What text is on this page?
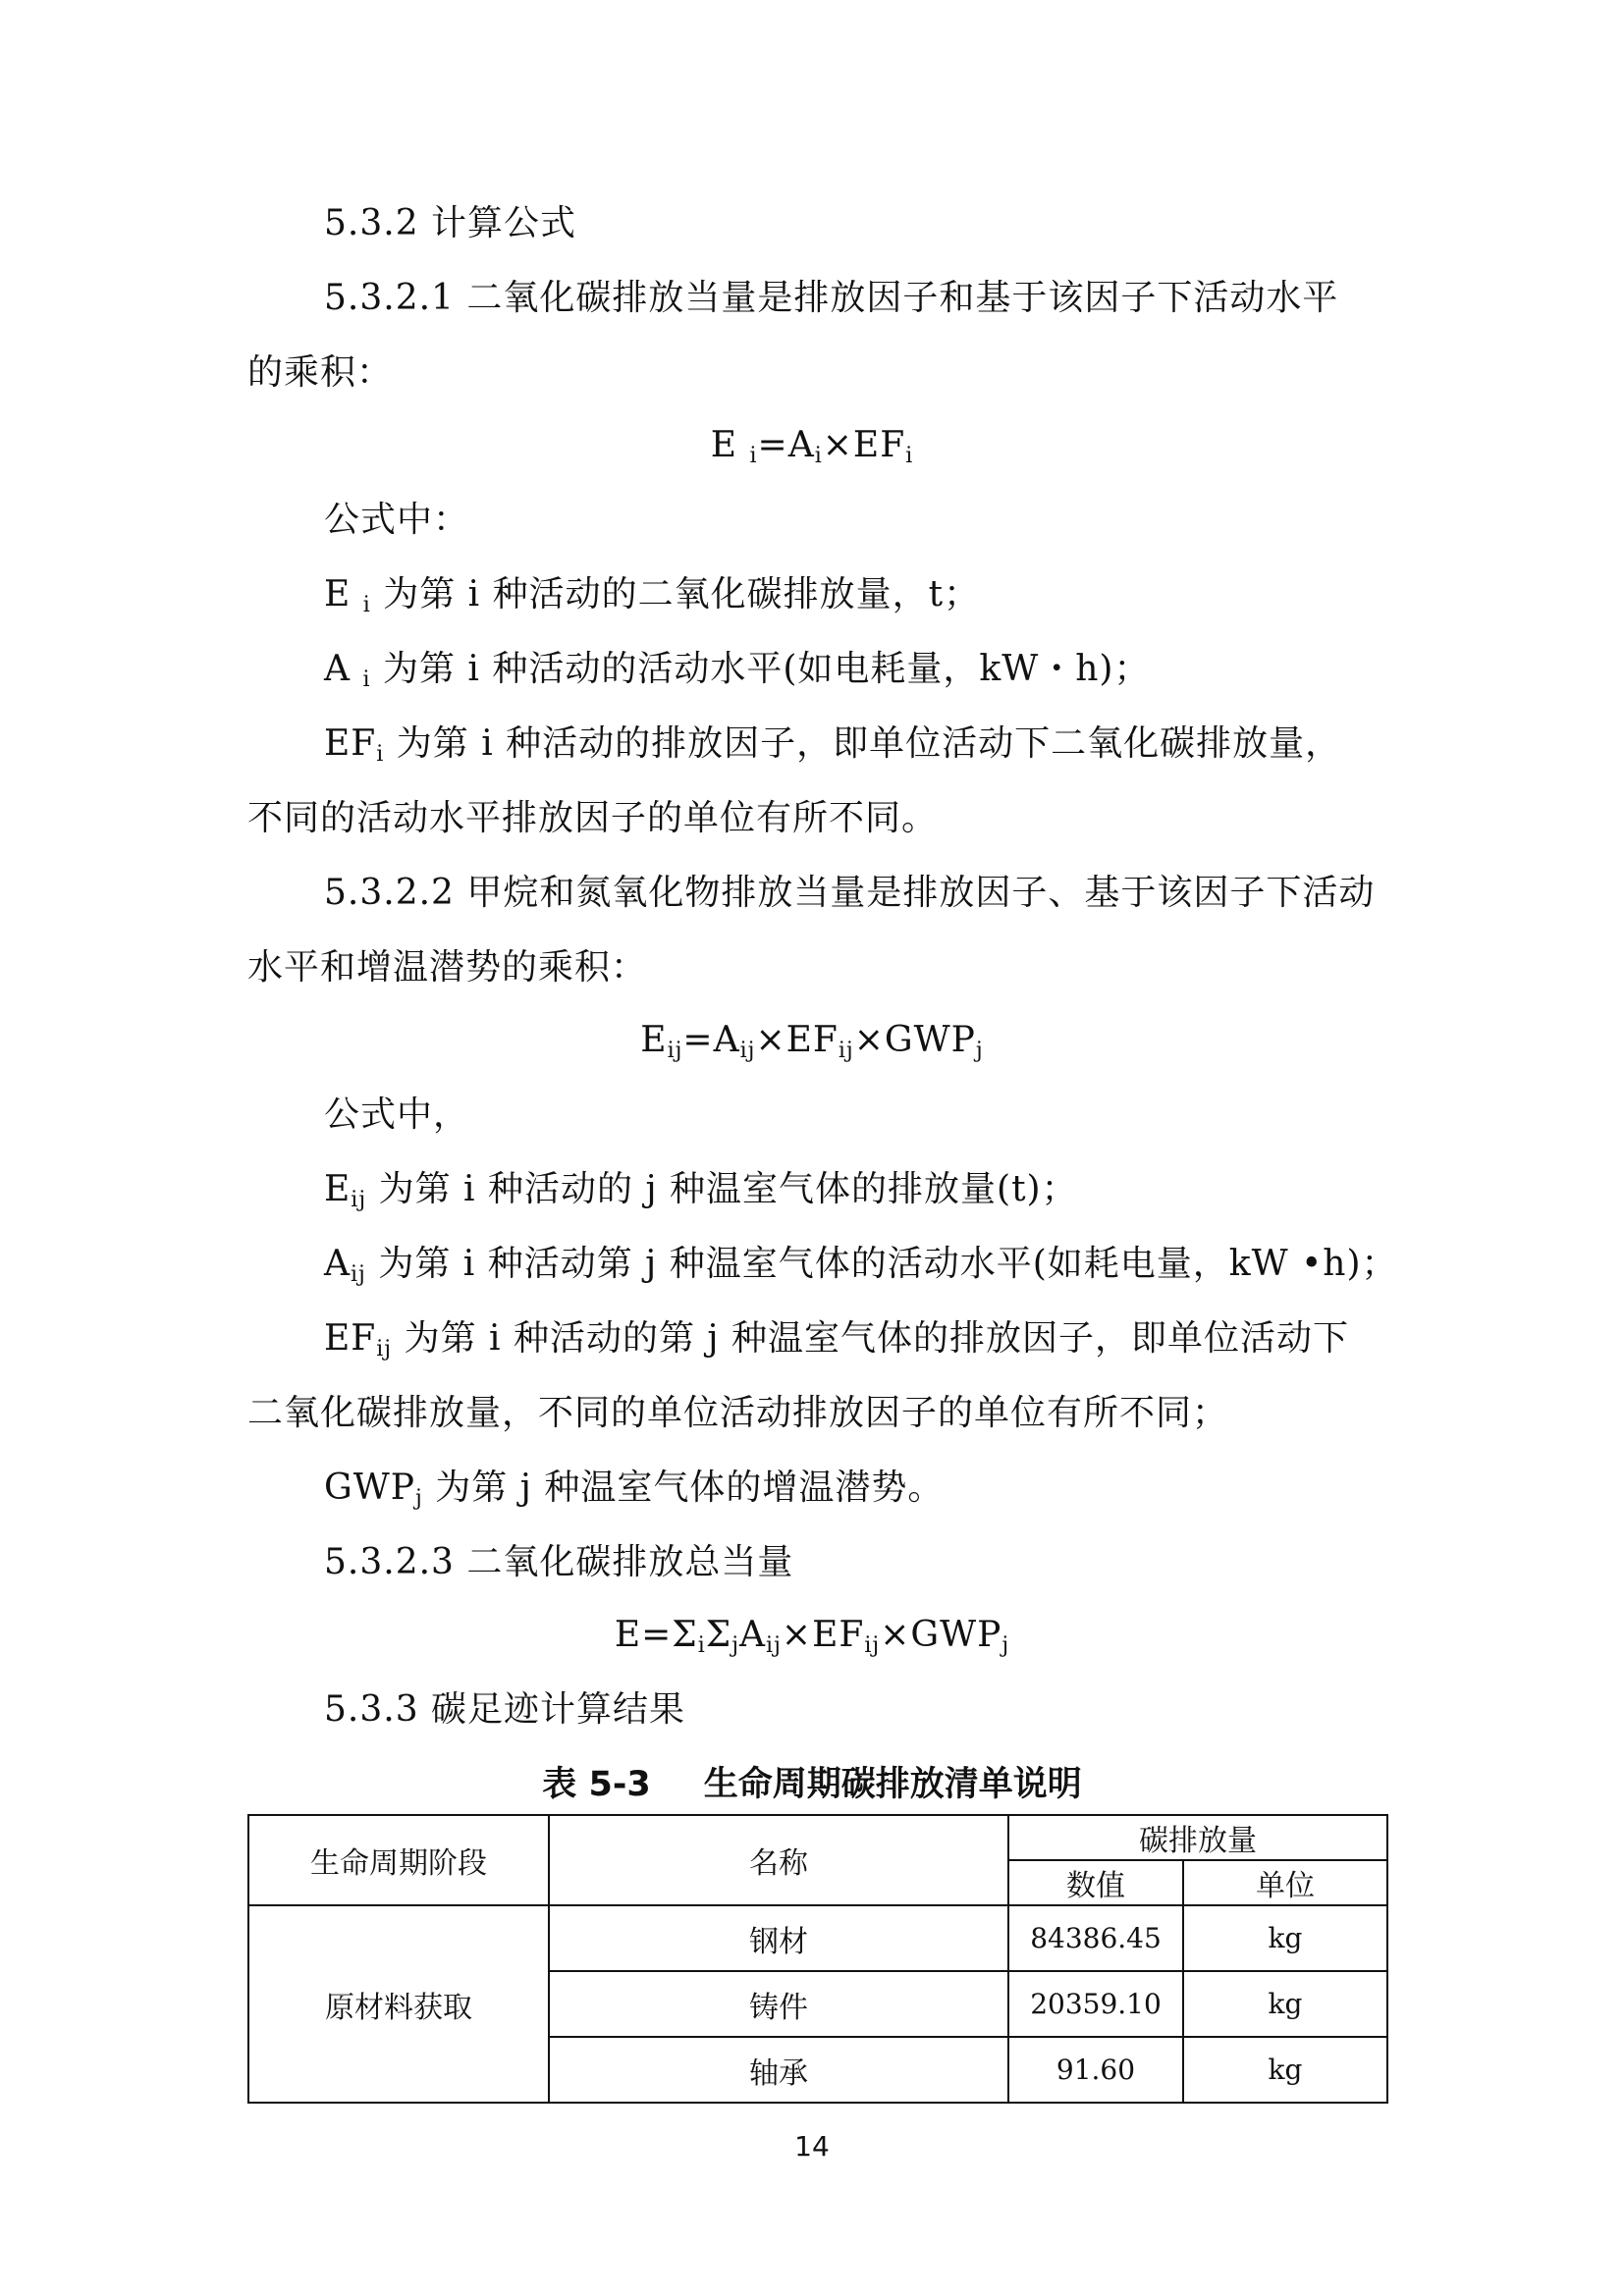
5.3.2 计算公式
5.3.2.1 二氧化碳排放当量是排放因子和基于该因子下活动水平
的乘积：
E $_i=A_i\times EF_i$
公式中：
E $_i$ 为第 i 种活动的二氧化碳排放量，t；
A $_i$ 为第 i 种活动的活动水平(如电耗量，kW・h)；
$EF_i$ 为第 i 种活动的排放因子，即单位活动下二氧化碳排放量，
不同的活动水平排放因子的单位有所不同。
5.3.2.2 甲烷和氮氧化物排放当量是排放因子、基于该因子下活动
水平和增温潜势的乘积：
$E_{ij}=A_{ij}\times EF_{ij}\times GWP_j$
公式中，
$E_{ij}$ 为第 i 种活动的 j 种温室气体的排放量(t)；
$A_{ij}$ 为第 i 种活动第 j 种温室气体的活动水平(如耗电量，kW •h)；
$EF_{ij}$ 为第 i 种活动的第 j 种温室气体的排放因子，即单位活动下
二氧化碳排放量，不同的单位活动排放因子的单位有所不同；
$GWP_j$ 为第 j 种温室气体的增温潜势。
5.3.2.3 二氧化碳排放总当量
$E=\Sigma_i\Sigma_jA_{ij}\times EF_{ij}\times GWP_j$
5.3.3 碳足迹计算结果
表 5-3 生命周期碳排放清单说明
生命周期阶段	名称	碳排放量	
		数值	单位
原材料获取	钢材	84386.45	kg
	铸件	20359.10	kg
	轴承	91.60	kg
14
